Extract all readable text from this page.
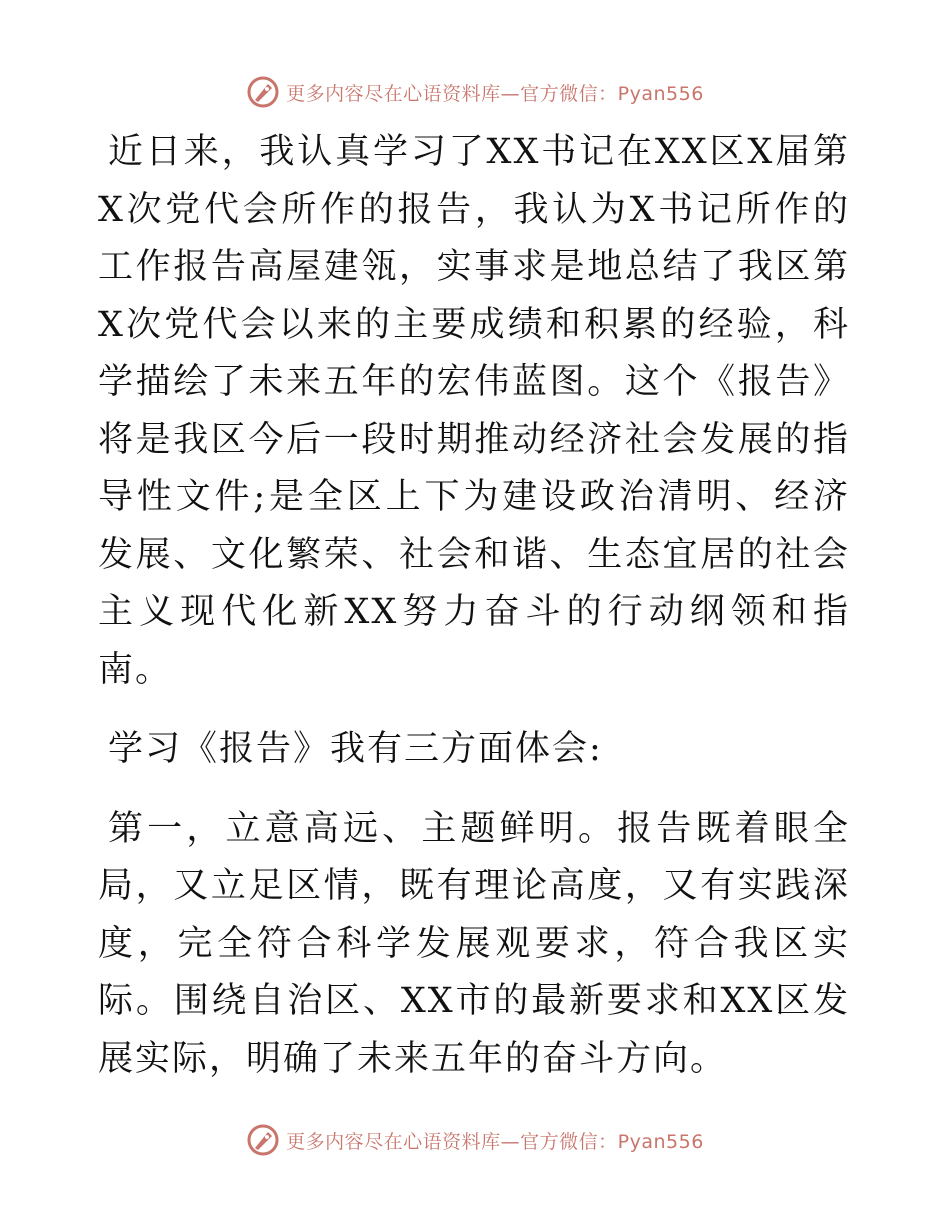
更多内容尽在心语资料库—官方微信：Pyan556

近日来，我认真学习了XX书记在XX区X届第X次党代会所作的报告，我认为X书记所作的工作报告高屋建瓴，实事求是地总结了我区第X次党代会以来的主要成绩和积累的经验，科学描绘了未来五年的宏伟蓝图。这个《报告》将是我区今后一段时期推动经济社会发展的指导性文件;是全区上下为建设政治清明、经济发展、文化繁荣、社会和谐、生态宜居的社会主义现代化新XX努力奋斗的行动纲领和指南。

学习《报告》我有三方面体会:

第一，立意高远、主题鲜明。报告既着眼全局，又立足区情，既有理论高度，又有实践深度，完全符合科学发展观要求，符合我区实际。围绕自治区、XX市的最新要求和XX区发展实际，明确了未来五年的奋斗方向。

更多内容尽在心语资料库—官方微信：Pyan556
